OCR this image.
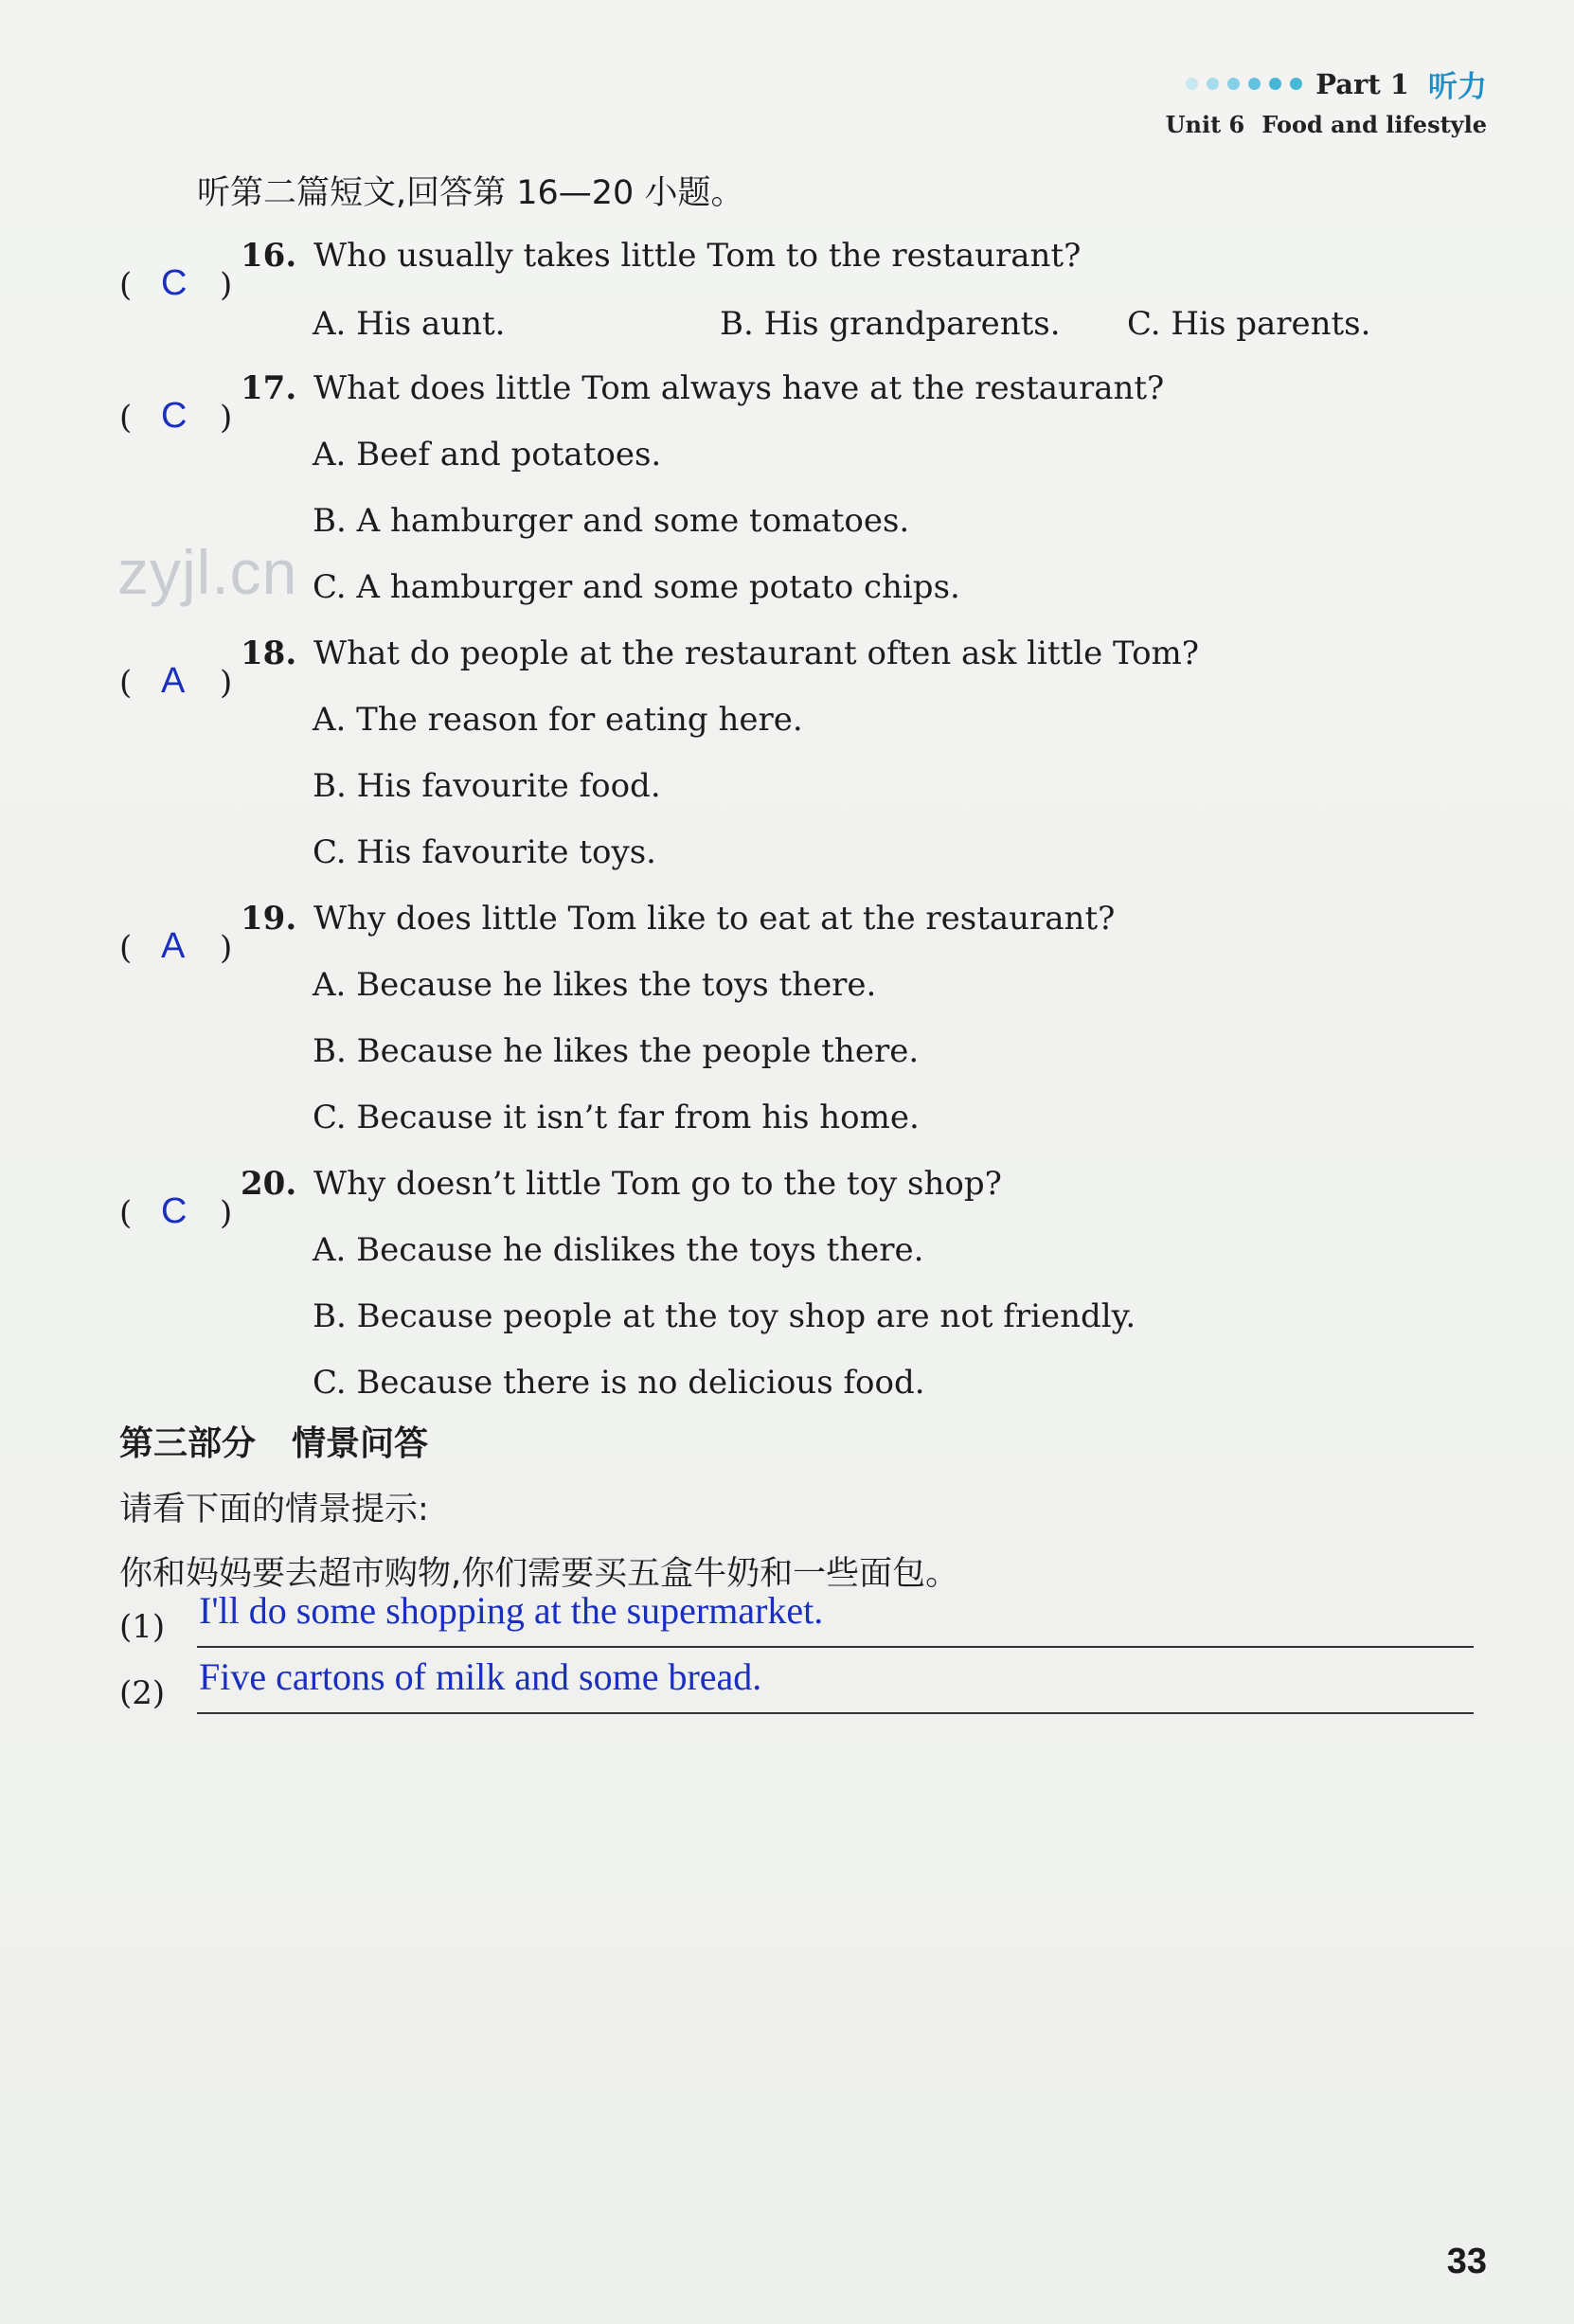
Part 1 听力
Unit 6 Food and lifestyle
听第二篇短文,回答第 16—20 小题。
( C )
16. Who usually takes little Tom to the restaurant?
A. His aunt.	B. His grandparents. C. His parents.
( C )
17. What does little Tom always have at the restaurant?
A. Beef and potatoes.
B. A hamburger and some tomatoes.
C. A hamburger and some potato chips.
( A )
18. What do people at the restaurant often ask little Tom?
A. The reason for eating here.
B. His favourite food.
C. His favourite toys.
( A )
19. Why does little Tom like to eat at the restaurant?
A. Because he likes the toys there.
B. Because he likes the people there.
C. Because it isn’t far from his home.
( C )
20. Why doesn’t little Tom go to the toy shop?
A. Because he dislikes the toys there.
B. Because people at the toy shop are not friendly.
C. Because there is no delicious food.
第三部分 情景问答
请看下面的情景提示:
你和妈妈要去超市购物,你们需要买五盒牛奶和一些面包。
(1) I'll do some shopping at the supermarket.
(2) Five cartons of milk and some bread.
zyjl.cn
33
